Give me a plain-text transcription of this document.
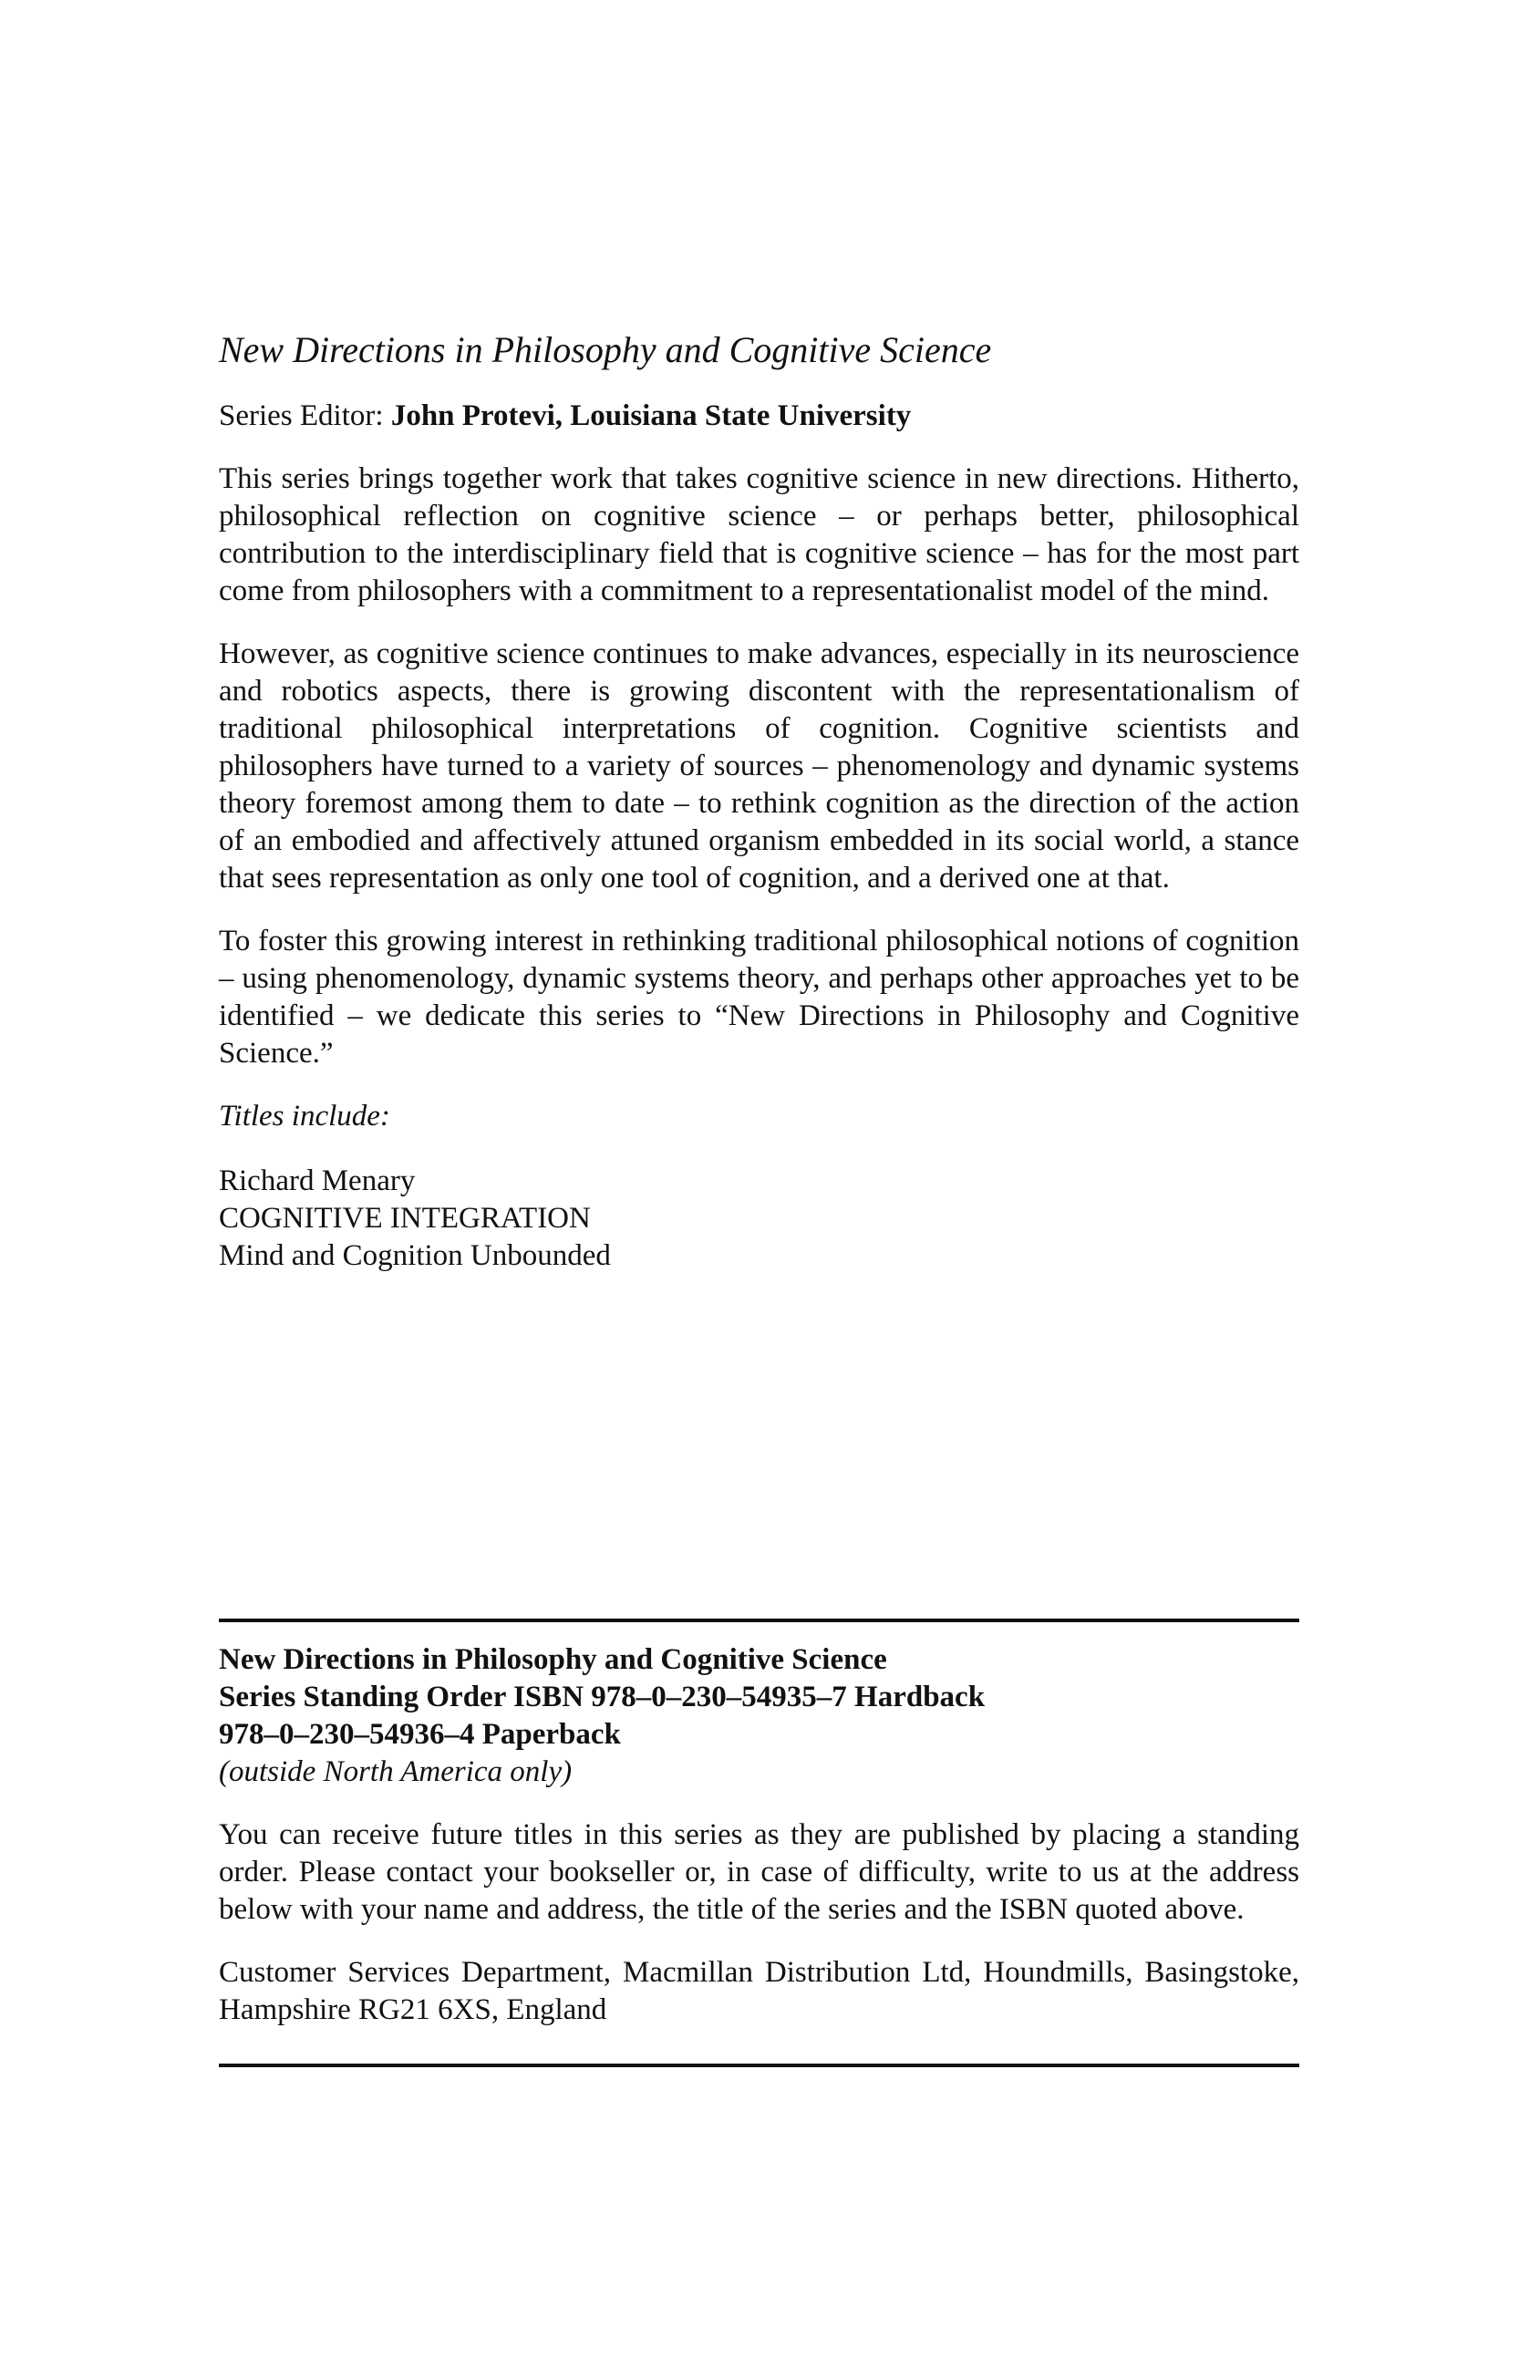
New Directions in Philosophy and Cognitive Science
Series Editor: John Protevi, Louisiana State University

This series brings together work that takes cognitive science in new directions. Hitherto, philosophical reflection on cognitive science – or perhaps better, philosophical contribution to the interdisciplinary field that is cognitive science – has for the most part come from philosophers with a commitment to a representationalist model of the mind.

However, as cognitive science continues to make advances, especially in its neuroscience and robotics aspects, there is growing discontent with the representationalism of traditional philosophical interpretations of cognition. Cognitive scientists and philosophers have turned to a variety of sources – phenomenology and dynamic systems theory foremost among them to date – to rethink cognition as the direction of the action of an embodied and affectively attuned organism embedded in its social world, a stance that sees representation as only one tool of cognition, and a derived one at that.

To foster this growing interest in rethinking traditional philosophical notions of cognition – using phenomenology, dynamic systems theory, and perhaps other approaches yet to be identified – we dedicate this series to “New Directions in Philosophy and Cognitive Science.”

Titles include:
Richard Menary
COGNITIVE INTEGRATION
Mind and Cognition Unbounded
New Directions in Philosophy and Cognitive Science
Series Standing Order ISBN 978–0–230–54935–7 Hardback
978–0–230–54936–4 Paperback
(outside North America only)

You can receive future titles in this series as they are published by placing a standing order. Please contact your bookseller or, in case of difficulty, write to us at the address below with your name and address, the title of the series and the ISBN quoted above.

Customer Services Department, Macmillan Distribution Ltd, Houndmills, Basingstoke, Hampshire RG21 6XS, England
